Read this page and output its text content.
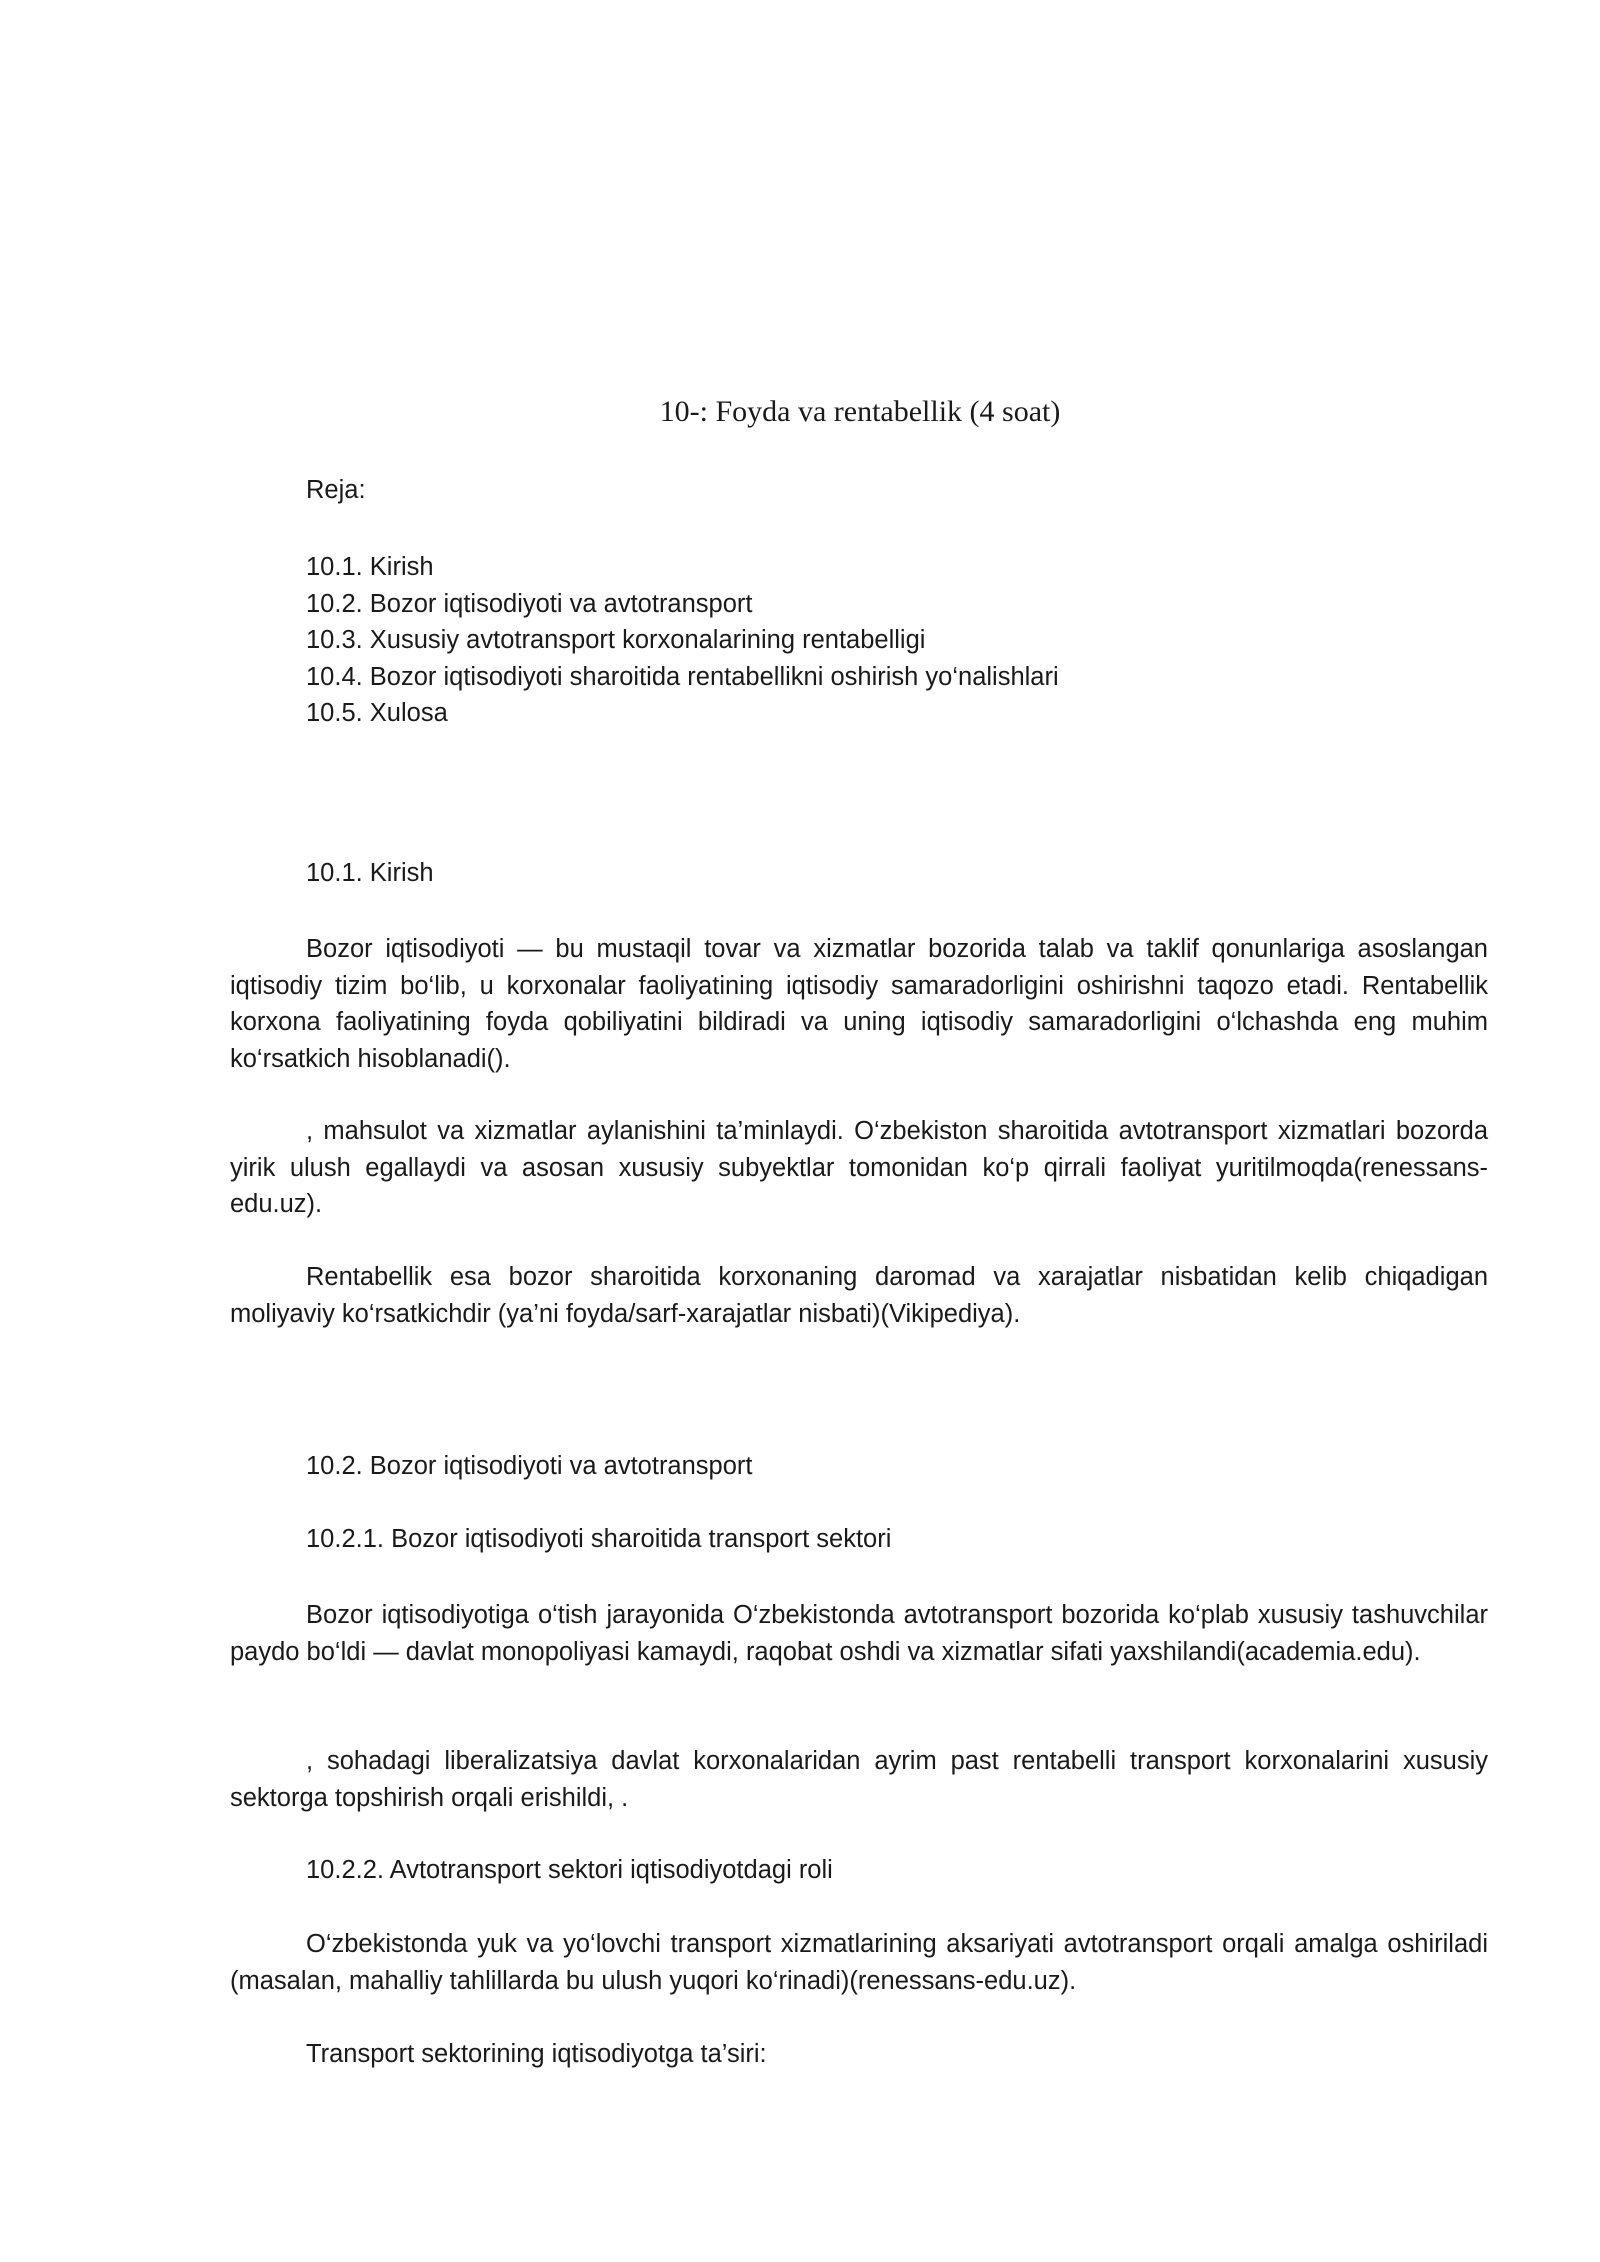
10-: Foyda va rentabellik (4 soat)
Reja:
10.1. Kirish
10.2. Bozor iqtisodiyoti va avtotransport
10.3. Xususiy avtotransport korxonalarining rentabelligi
10.4. Bozor iqtisodiyoti sharoitida rentabellikni oshirish yo‘nalishlari
10.5. Xulosa
10.1. Kirish
Bozor iqtisodiyoti — bu mustaqil tovar va xizmatlar bozorida talab va taklif qonunlariga asoslangan iqtisodiy tizim bo‘lib, u korxonalar faoliyatining iqtisodiy samaradorligini oshirishni taqozo etadi. Rentabellik korxona faoliyatining foyda qobiliyatini bildiradi va uning iqtisodiy samaradorligini o‘lchashda eng muhim ko‘rsatkich hisoblanadi().
, mahsulot va xizmatlar aylanishini ta’minlaydi. O‘zbekiston sharoitida avtotransport xizmatlari bozorda yirik ulush egallaydi va asosan xususiy subyektlar tomonidan ko‘p qirrali faoliyat yuritilmoqda(renessans-edu.uz).
Rentabellik esa bozor sharoitida korxonaning daromad va xarajatlar nisbatidan kelib chiqadigan moliyaviy ko‘rsatkichdir (ya’ni foyda/sarf-xarajatlar nisbati)(Vikipediya).
10.2. Bozor iqtisodiyoti va avtotransport
10.2.1. Bozor iqtisodiyoti sharoitida transport sektori
Bozor iqtisodiyotiga o‘tish jarayonida O‘zbekistonda avtotransport bozorida ko‘plab xususiy tashuvchilar paydo bo‘ldi — davlat monopoliyasi kamaydi, raqobat oshdi va xizmatlar sifati yaxshilandi(academia.edu).
, sohadagi liberalizatsiya davlat korxonalaridan ayrim past rentabelli transport korxonalarini xususiy sektorga topshirish orqali erishildi, .
10.2.2. Avtotransport sektori iqtisodiyotdagi roli
O‘zbekistonda yuk va yo‘lovchi transport xizmatlarining aksariyati avtotransport orqali amalga oshiriladi (masalan, mahalliy tahlillarda bu ulush yuqori ko‘rinadi)(renessans-edu.uz).
Transport sektorining iqtisodiyotga ta’siri:
